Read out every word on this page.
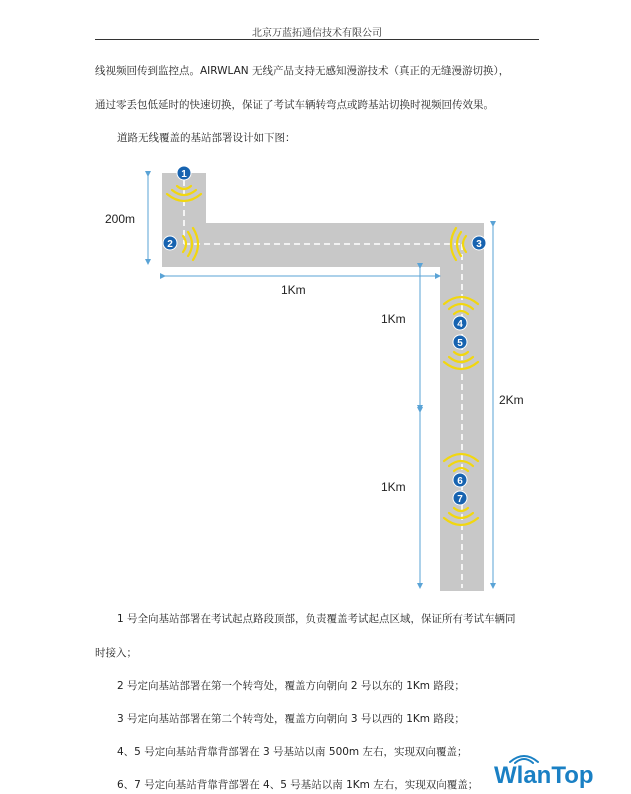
北京万蓝拓通信技术有限公司
线视频回传到监控点。AIRWLAN 无线产品支持无感知漫游技术（真正的无缝漫游切换），
通过零丢包低延时的快速切换，保证了考试车辆转弯点或跨基站切换时视频回传效果。
道路无线覆盖的基站部署设计如下图：
200m
1Km
1Km
1Km
2Km
1
2	3
4
5
6
7
1 号全向基站部署在考试起点路段顶部，负责覆盖考试起点区域，保证所有考试车辆同
时接入；
2 号定向基站部署在第一个转弯处，覆盖方向朝向 2 号以东的 1Km 路段；
3 号定向基站部署在第二个转弯处，覆盖方向朝向 3 号以西的 1Km 路段；
4、5 号定向基站背靠背部署在 3 号基站以南 500m 左右，实现双向覆盖；
6、7 号定向基站背靠背部署在 4、5 号基站以南 1Km 左右，实现双向覆盖； WlanTop
